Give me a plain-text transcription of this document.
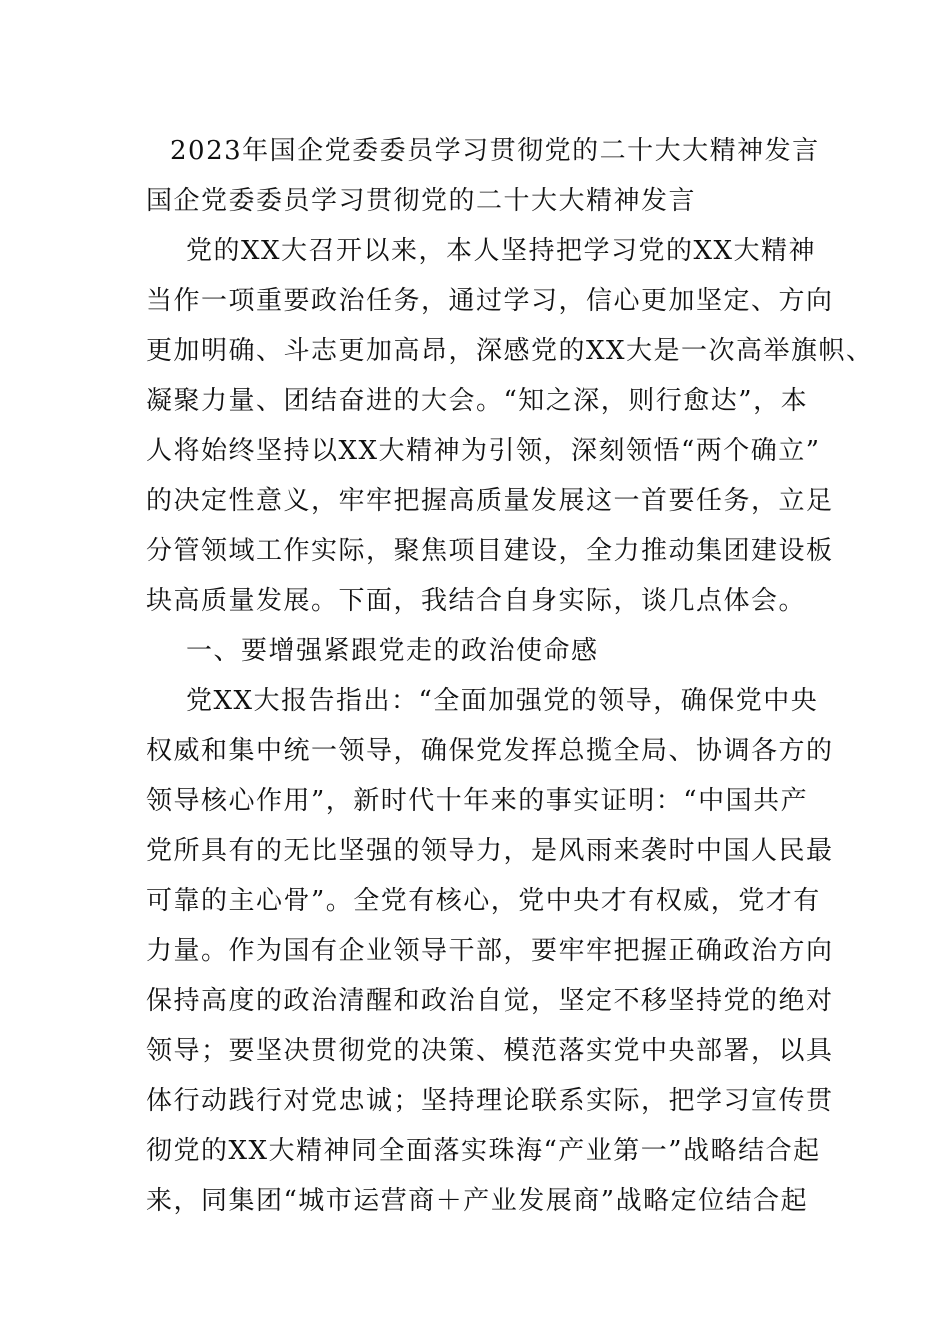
2023年国企党委委员学习贯彻党的二十大大精神发言
国企党委委员学习贯彻党的二十大大精神发言
党的XX大召开以来，本人坚持把学习党的XX大精神
当作一项重要政治任务，通过学习，信心更加坚定、方向
更加明确、斗志更加高昂，深感党的XX大是一次高举旗帜、
凝聚力量、团结奋进的大会。“知之深，则行愈达”，本
人将始终坚持以XX大精神为引领，深刻领悟“两个确立”
的决定性意义，牢牢把握高质量发展这一首要任务，立足
分管领域工作实际，聚焦项目建设，全力推动集团建设板
块高质量发展。下面，我结合自身实际，谈几点体会。
一、要增强紧跟党走的政治使命感
党XX大报告指出：“全面加强党的领导，确保党中央
权威和集中统一领导，确保党发挥总揽全局、协调各方的
领导核心作用”，新时代十年来的事实证明：“中国共产
党所具有的无比坚强的领导力，是风雨来袭时中国人民最
可靠的主心骨”。全党有核心，党中央才有权威，党才有
力量。作为国有企业领导干部，要牢牢把握正确政治方向
保持高度的政治清醒和政治自觉，坚定不移坚持党的绝对
领导；要坚决贯彻党的决策、模范落实党中央部署，以具
体行动践行对党忠诚；坚持理论联系实际，把学习宣传贯
彻党的XX大精神同全面落实珠海“产业第一”战略结合起
来，同集团“城市运营商＋产业发展商”战略定位结合起
